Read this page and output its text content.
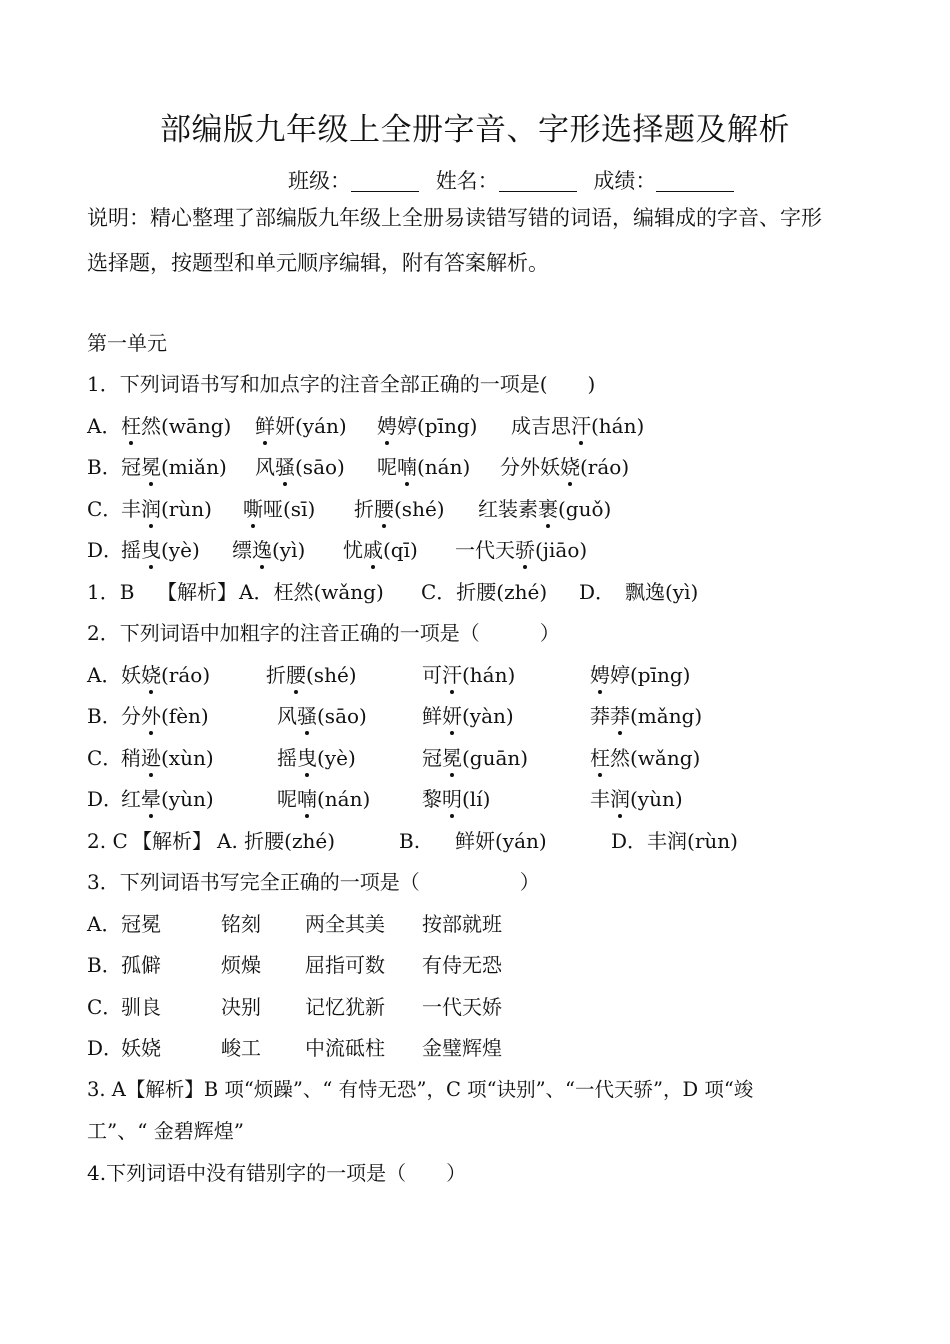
部编版九年级上全册字音、字形选择题及解析
班级：	姓名：	成绩：
说明：精心整理了部编版九年级上全册易读错写错的词语，编辑成的字音、字形
选择题，按题型和单元顺序编辑，附有答案解析。
第一单元
1．下列词语书写和加点字的注音全部正确的一项是(　　)
A． 枉然(wāng) 鲜妍(yán) 娉婷(pīng) 成吉思汗(hán)
B． 冠冕(miǎn) 风骚(sāo) 呢喃(nán) 分外妖娆(ráo)
C．
丰润(rùn) 嘶哑(sī) 折腰(shé) 红装素裹(guǒ)
D．
摇曳(yè) 缥逸(yì) 忧戚(qī) 一代天骄(jiāo)
1．B 【解析】 A．枉然(wǎng) C．折腰(zhé) D． 飘逸(yì)
2．下列词语中加粗字的注音正确的一项是（　　　）
A． 妖娆(ráo)	折腰(shé)	可汗(hán)	娉婷(pīng)
B． 分外(fèn)	风骚(sāo)	鲜妍(yàn)	莽莽(mǎng)
C．
稍逊(xùn)	摇曳(yè)	冠冕(guān)	枉然(wǎng)
D．
红晕(yùn)	呢喃(nán)	黎明(lí)	丰润(yùn)
2. C 【解析】 A. 折腰(zhé)	B. 鲜妍(yán)	D．丰润(rùn)
3．下列词语书写完全正确的一项是（　　　　　）
A． 冠冕	铭刻 两全其美 按部就班
B． 孤僻	烦燥 屈指可数 有侍无恐
C．
驯良	决别 记忆犹新 一代天娇
D．
妖娆	峻工 中流砥柱 金璧辉煌
3. A【解析】B 项“烦躁”、“ 有恃无恐”，C 项“诀别”、“一代天骄”，D 项“竣
工”、“ 金碧辉煌”
4.下列词语中没有错别字的一项是（　　）
